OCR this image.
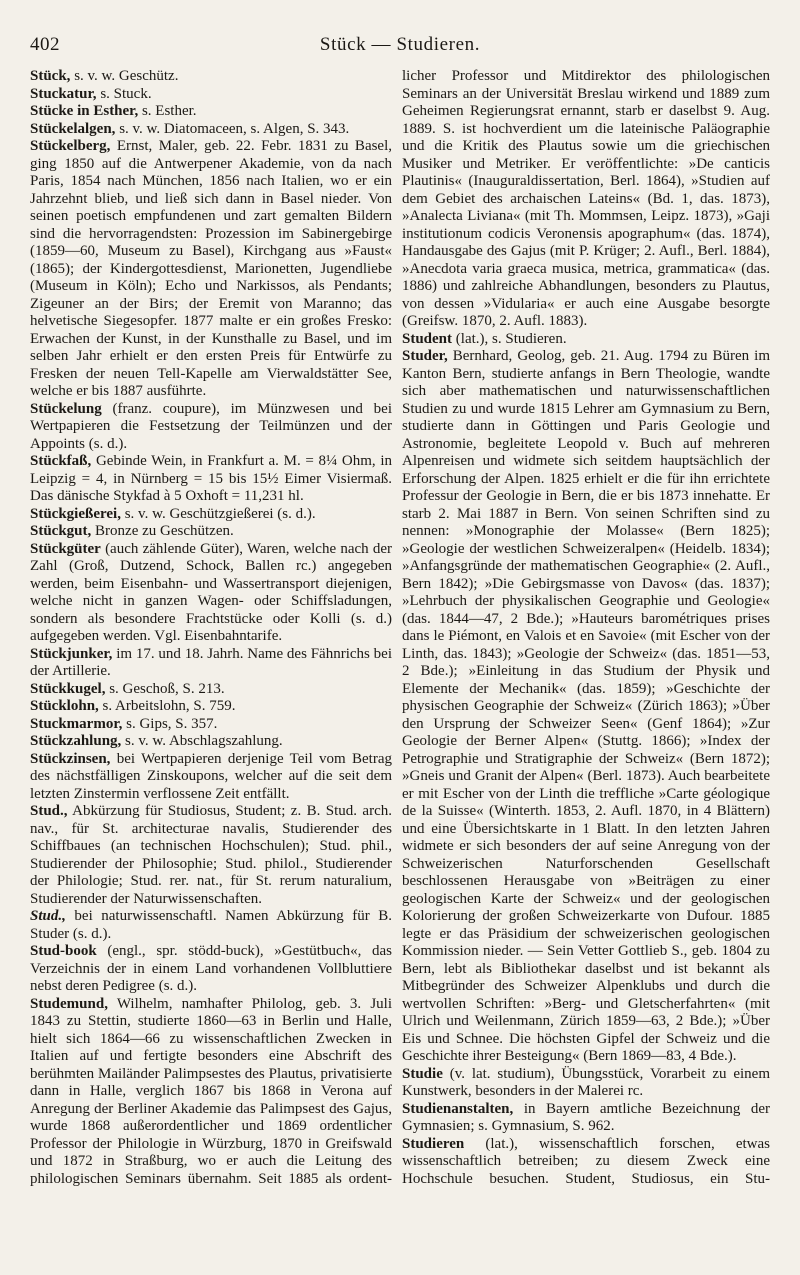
402	Stück — Studieren.

Stück, s. v. w. Geschütz.

Stuckatur, s. Stuck.

Stücke in Esther, s. Esther.

Stückelalgen, s. v. w. Diatomaceen, s. Algen, S. 343.

Stückelberg, Ernst, Maler, geb. 22. Febr. 1831 zu Basel, ging 1850 auf die Antwerpener Akademie, von da nach Paris, 1854 nach München, 1856 nach Italien, wo er ein Jahrzehnt blieb, und ließ sich dann in Basel nieder. Von seinen poetisch empfundenen und zart gemalten Bildern sind die hervorragendsten: Prozession im Sabinergebirge (1859—60, Museum zu Basel), Kirchgang aus »Faust« (1865); der Kindergottesdienst, Marionetten, Jugendliebe (Museum in Köln); Echo und Narkissos, als Pendants; Zigeuner an der Birs; der Eremit von Maranno; das helvetische Siegesopfer. 1877 malte er ein großes Fresko: Erwachen der Kunst, in der Kunsthalle zu Basel, und im selben Jahr erhielt er den ersten Preis für Entwürfe zu Fresken der neuen Tell-Kapelle am Vierwaldstätter See, welche er bis 1887 ausführte.

Stückelung (franz. coupure), im Münzwesen und bei Wertpapieren die Festsetzung der Teilmünzen und der Appoints (s. d.).

Stückfaß, Gebinde Wein, in Frankfurt a. M. = 8¼ Ohm, in Leipzig = 4, in Nürnberg = 15 bis 15½ Eimer Visiermaß. Das dänische Stykfad à 5 Oxhoft = 11,231 hl.

Stückgießerei, s. v. w. Geschützgießerei (s. d.).

Stückgut, Bronze zu Geschützen.

Stückgüter (auch zählende Güter), Waren, welche nach der Zahl (Groß, Dutzend, Schock, Ballen rc.) angegeben werden, beim Eisenbahn- und Wassertransport diejenigen, welche nicht in ganzen Wagen- oder Schiffsladungen, sondern als besondere Frachtstücke oder Kolli (s. d.) aufgegeben werden. Vgl. Eisenbahntarife.

Stückjunker, im 17. und 18. Jahrh. Name des Fähnrichs bei der Artillerie.

Stückkugel, s. Geschoß, S. 213.

Stücklohn, s. Arbeitslohn, S. 759.

Stuckmarmor, s. Gips, S. 357.

Stückzahlung, s. v. w. Abschlagszahlung.

Stückzinsen, bei Wertpapieren derjenige Teil vom Betrag des nächstfälligen Zinskoupons, welcher auf die seit dem letzten Zinstermin verflossene Zeit entfällt.

Stud., Abkürzung für Studiosus, Student; z. B. Stud. arch. nav., für St. architecturae navalis, Studierender des Schiffbaues (an technischen Hochschulen); Stud. phil., Studierender der Philosophie; Stud. philol., Studierender der Philologie; Stud. rer. nat., für St. rerum naturalium, Studierender der Naturwissenschaften.

Stud., bei naturwissenschaftl. Namen Abkürzung für B. Studer (s. d.).

Stud-book (engl., spr. stödd-buck), »Gestütbuch«, das Verzeichnis der in einem Land vorhandenen Vollbluttiere nebst deren Pedigree (s. d.).

Studemund, Wilhelm, namhafter Philolog, geb. 3. Juli 1843 zu Stettin, studierte 1860—63 in Berlin und Halle, hielt sich 1864—66 zu wissenschaftlichen Zwecken in Italien auf und fertigte besonders eine Abschrift des berühmten Mailänder Palimpsestes des Plautus, privatisierte dann in Halle, verglich 1867 bis 1868 in Verona auf Anregung der Berliner Akademie das Palimpsest des Gajus, wurde 1868 außerordentlicher und 1869 ordentlicher Professor der Philologie in Würzburg, 1870 in Greifswald und 1872 in Straßburg, wo er auch die Leitung des philologischen Seminars übernahm. Seit 1885 als ordent-

licher Professor und Mitdirektor des philologischen Seminars an der Universität Breslau wirkend und 1889 zum Geheimen Regierungsrat ernannt, starb er daselbst 9. Aug. 1889. S. ist hochverdient um die lateinische Paläographie und die Kritik des Plautus sowie um die griechischen Musiker und Metriker. Er veröffentlichte: »De canticis Plautinis« (Inauguraldissertation, Berl. 1864), »Studien auf dem Gebiet des archaischen Lateins« (Bd. 1, das. 1873), »Analecta Liviana« (mit Th. Mommsen, Leipz. 1873), »Gaji institutionum codicis Veronensis apographum« (das. 1874), Handausgabe des Gajus (mit P. Krüger; 2. Aufl., Berl. 1884), »Anecdota varia graeca musica, metrica, grammatica« (das. 1886) und zahlreiche Abhandlungen, besonders zu Plautus, von dessen »Vidularia« er auch eine Ausgabe besorgte (Greifsw. 1870, 2. Aufl. 1883).

Student (lat.), s. Studieren.

Studer, Bernhard, Geolog, geb. 21. Aug. 1794 zu Büren im Kanton Bern, studierte anfangs in Bern Theologie, wandte sich aber mathematischen und naturwissenschaftlichen Studien zu und wurde 1815 Lehrer am Gymnasium zu Bern, studierte dann in Göttingen und Paris Geologie und Astronomie, begleitete Leopold v. Buch auf mehreren Alpenreisen und widmete sich seitdem hauptsächlich der Erforschung der Alpen. 1825 erhielt er die für ihn errichtete Professur der Geologie in Bern, die er bis 1873 innehatte. Er starb 2. Mai 1887 in Bern. Von seinen Schriften sind zu nennen: »Monographie der Molasse« (Bern 1825); »Geologie der westlichen Schweizeralpen« (Heidelb. 1834); »Anfangsgründe der mathematischen Geographie« (2. Aufl., Bern 1842); »Die Gebirgsmasse von Davos« (das. 1837); »Lehrbuch der physikalischen Geographie und Geologie« (das. 1844—47, 2 Bde.); »Hauteurs barométriques prises dans le Piémont, en Valois et en Savoie« (mit Escher von der Linth, das. 1843); »Geologie der Schweiz« (das. 1851—53, 2 Bde.); »Einleitung in das Studium der Physik und Elemente der Mechanik« (das. 1859); »Geschichte der physischen Geographie der Schweiz« (Zürich 1863); »Über den Ursprung der Schweizer Seen« (Genf 1864); »Zur Geologie der Berner Alpen« (Stuttg. 1866); »Index der Petrographie und Stratigraphie der Schweiz« (Bern 1872); »Gneis und Granit der Alpen« (Berl. 1873). Auch bearbeitete er mit Escher von der Linth die treffliche »Carte géologique de la Suisse« (Winterth. 1853, 2. Aufl. 1870, in 4 Blättern) und eine Übersichtskarte in 1 Blatt. In den letzten Jahren widmete er sich besonders der auf seine Anregung von der Schweizerischen Naturforschenden Gesellschaft beschlossenen Herausgabe von »Beiträgen zu einer geologischen Karte der Schweiz« und der geologischen Kolorierung der großen Schweizerkarte von Dufour. 1885 legte er das Präsidium der schweizerischen geologischen Kommission nieder. — Sein Vetter Gottlieb S., geb. 1804 zu Bern, lebt als Bibliothekar daselbst und ist bekannt als Mitbegründer des Schweizer Alpenklubs und durch die wertvollen Schriften: »Berg- und Gletscherfahrten« (mit Ulrich und Weilenmann, Zürich 1859—63, 2 Bde.); »Über Eis und Schnee. Die höchsten Gipfel der Schweiz und die Geschichte ihrer Besteigung« (Bern 1869—83, 4 Bde.).

Studie (v. lat. studium), Übungsstück, Vorarbeit zu einem Kunstwerk, besonders in der Malerei rc.

Studienanstalten, in Bayern amtliche Bezeichnung der Gymnasien; s. Gymnasium, S. 962.

Studieren (lat.), wissenschaftlich forschen, etwas wissenschaftlich betreiben; zu diesem Zweck eine Hochschule besuchen. Student, Studiosus, ein Stu-
